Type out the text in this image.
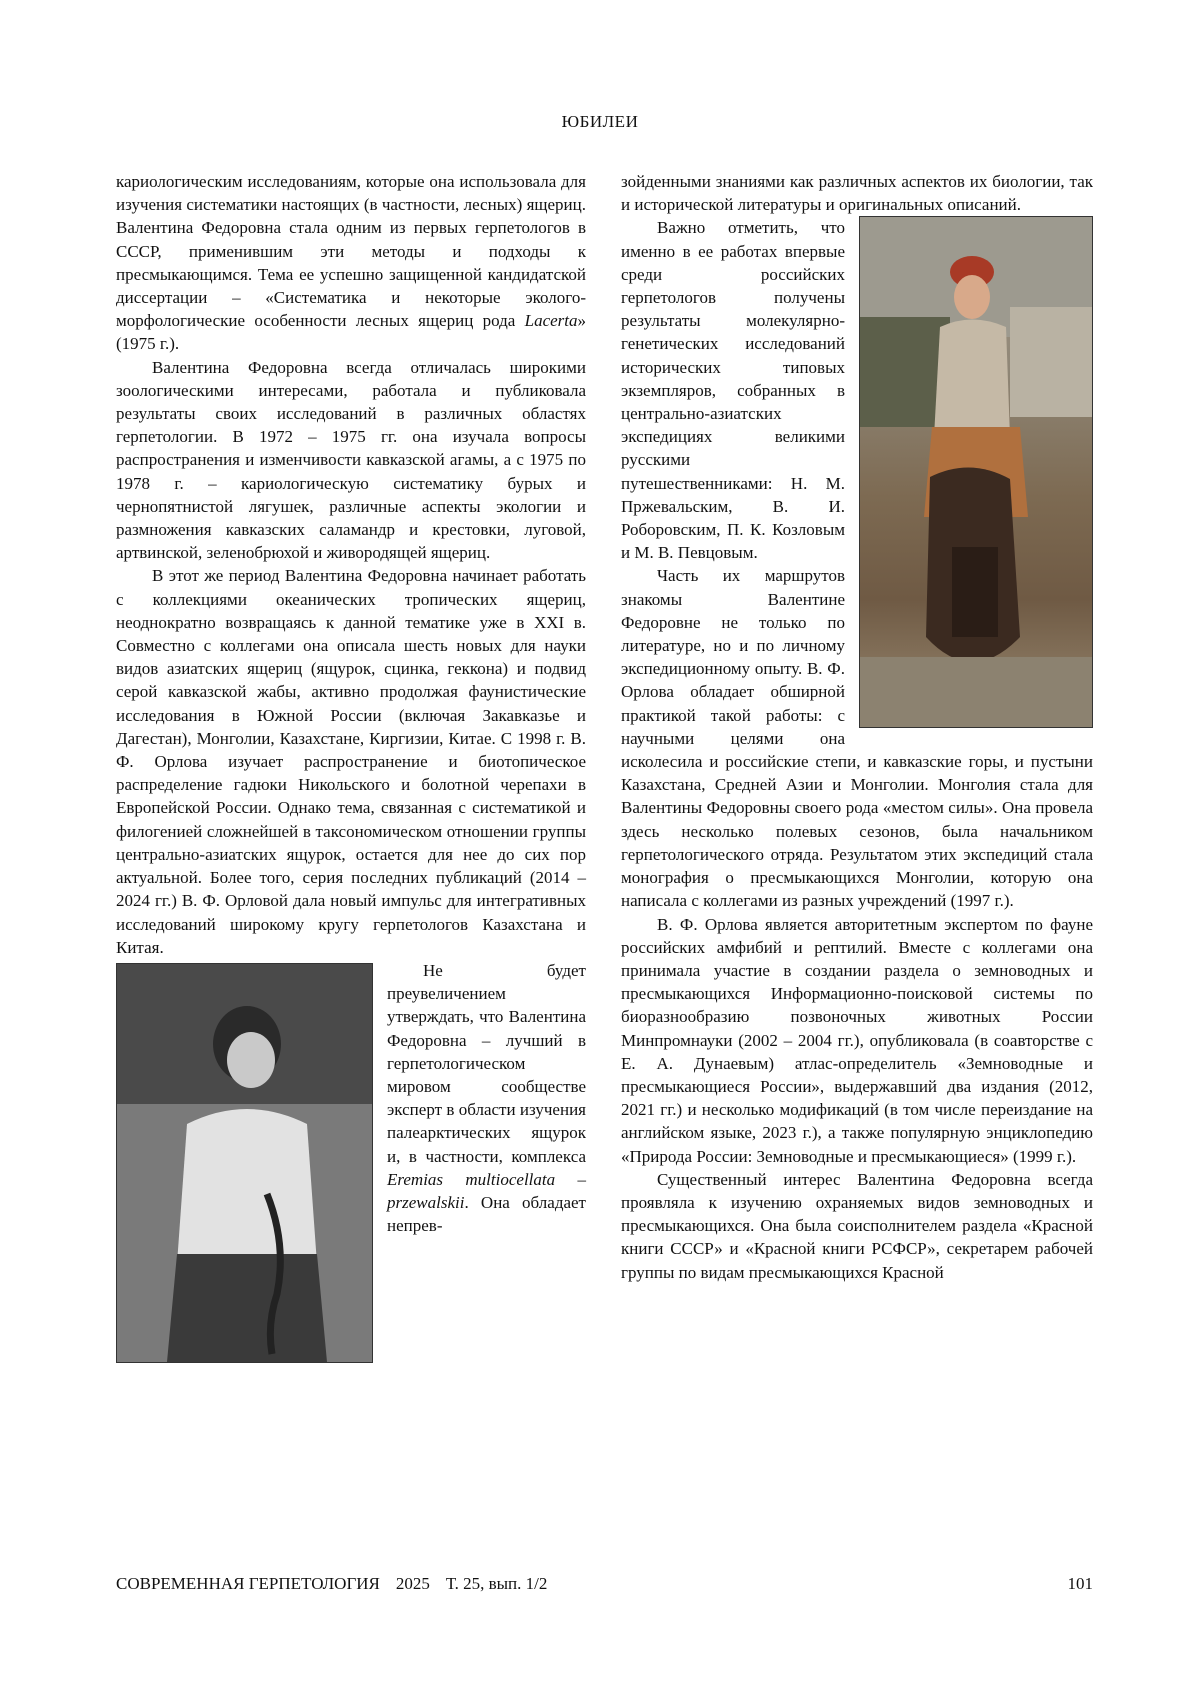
ЮБИЛЕИ

кариологическим исследованиям, которые она использовала для изучения систематики настоящих (в частности, лесных) ящериц. Валентина Федоровна стала одним из первых герпетологов в СССР, применившим эти методы и подходы к пресмыкающимся. Тема ее успешно защищенной кандидатской диссертации – «Систематика и некоторые эколого-морфологические особенности лесных ящериц рода Lacerta» (1975 г.).

Валентина Федоровна всегда отличалась широкими зоологическими интересами, работала и публиковала результаты своих исследований в различных областях герпетологии. В 1972 – 1975 гг. она изучала вопросы распространения и изменчивости кавказской агамы, а с 1975 по 1978 г. – кариологическую систематику бурых и чернопятнистой лягушек, различные аспекты экологии и размножения кавказских саламандр и крестовки, луговой, артвинской, зеленобрюхой и живородящей ящериц.

В этот же период Валентина Федоровна начинает работать с коллекциями океанических тропических ящериц, неоднократно возвращаясь к данной тематике уже в XXI в. Совместно с коллегами она описала шесть новых для науки видов азиатских ящериц (ящурок, сцинка, геккона) и подвид серой кавказской жабы, активно продолжая фаунистические исследования в Южной России (включая Закавказье и Дагестан), Монголии, Казахстане, Киргизии, Китае. С 1998 г. В. Ф. Орлова изучает распространение и биотопическое распределение гадюки Никольского и болотной черепахи в Европейской России. Однако тема, связанная с систематикой и филогенией сложнейшей в таксономическом отношении группы центрально-азиатских ящурок, остается для нее до сих пор актуальной. Более того, серия последних публикаций (2014 – 2024 гг.) В. Ф. Орловой дала новый импульс для интегративных исследований широкому кругу герпетологов Казахстана и Китая.

Не будет преувеличением утверждать, что Валентина Федоровна – лучший в герпетологическом мировом сообществе эксперт в области изучения палеарктических ящурок и, в частности, комплекса Eremias multiocellata – przewalskii. Она обладает непрев-

зойденными знаниями как различных аспектов их биологии, так и исторической литературы и оригинальных описаний.

Важно отметить, что именно в ее работах впервые среди российских герпетологов получены результаты молекулярно-генетических исследований исторических типовых экземпляров, собранных в центрально-азиатских экспедициях великими русскими путешественниками: Н. М. Пржевальским, В. И. Роборовским, П. К. Козловым и М. В. Певцовым.

Часть их маршрутов знакомы Валентине Федоровне не только по литературе, но и по личному экспедиционному опыту. В. Ф. Орлова обладает обширной практикой такой работы: с научными целями она исколесила и российские степи, и кавказские горы, и пустыни Казахстана, Средней Азии и Монголии. Монголия стала для Валентины Федоровны своего рода «местом силы». Она провела здесь несколько полевых сезонов, была начальником герпетологического отряда. Результатом этих экспедиций стала монография о пресмыкающихся Монголии, которую она написала с коллегами из разных учреждений (1997 г.).

В. Ф. Орлова является авторитетным экспертом по фауне российских амфибий и рептилий. Вместе с коллегами она принимала участие в создании раздела о земноводных и пресмыкающихся Информационно-поисковой системы по биоразнообразию позвоночных животных России Минпромнауки (2002 – 2004 гг.), опубликовала (в соавторстве с Е. А. Дунаевым) атлас-определитель «Земноводные и пресмыкающиеся России», выдержавший два издания (2012, 2021 гг.) и несколько модификаций (в том числе переиздание на английском языке, 2023 г.), а также популярную энциклопедию «Природа России: Земноводные и пресмыкающиеся» (1999 г.).

Существенный интерес Валентина Федоровна всегда проявляла к изучению охраняемых видов земноводных и пресмыкающихся. Она была соисполнителем раздела «Красной книги СССР» и «Красной книги РСФСР», секретарем рабочей группы по видам пресмыкающихся Красной

СОВРЕМЕННАЯ ГЕРПЕТОЛОГИЯ 2025 Т. 25, вып. 1/2	101
